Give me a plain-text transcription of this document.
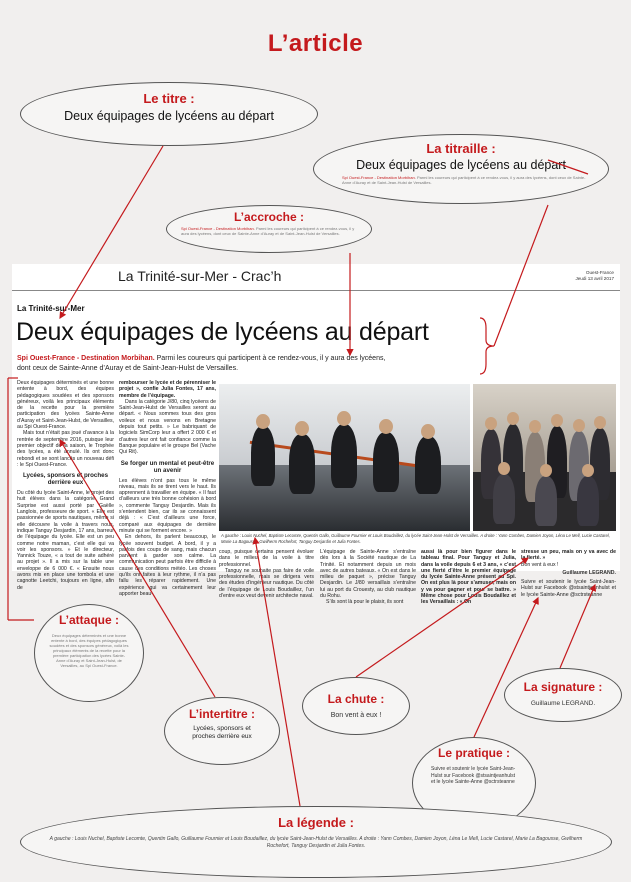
L’article
Le titre :
Deux équipages de lycéens au départ
La titraille :
Deux équipages de lycéens au départ
Spi Ouest-France - Destination Morbihan. Parmi les coureurs qui participent à ce rendez-vous, il y aura des lycéens, dont ceux de Sainte-Anne d’Auray et de Saint-Jean-Hulst de Versailles.
L’accroche :
Spi Ouest-France - Destination Morbihan. Parmi les coureurs qui participent à ce rendez-vous, il y aura des lycéens, dont ceux de Sainte-Anne d’Auray et de Saint-Jean-Hulst de Versailles.
La Trinité-sur-Mer - Crac’h	Ouest-France
Jeudi 13 avril 2017
La Trinité-sur-Mer
Deux équipages de lycéens au départ
Spi Ouest-France - Destination Morbihan. Parmi les coureurs qui participent à ce rendez-vous, il y aura des lycéens, dont ceux de Sainte-Anne d’Auray et de Saint-Jean-Hulst de Versailles.
Deux équipages déterminés et une bonne entente à bord, des équipes pédagogiques soudées et des sponsors généreux, voilà les principaux éléments de la recette pour la première participation des lycées Sainte-Anne d’Auray et Saint-Jean-Hulst, de Versailles, au Spi Ouest-France.
Mais tout n’était pas joué d’avance à la rentrée de septembre 2016, puisque leur premier objectif de la saison, le Trophée des lycées, a été annulé. Ils ont donc rebondi et se sont lancés un nouveau défi : le Spi Ouest-France.
Lycées, sponsors et proches derrière eux
Du côté du lycée Saint-Anne, le projet des huit élèves dans la catégorie Grand Surprise est aussi porté par Gaëlle Langlois, professeure de sport. « Elle est passionnée de sports nautiques, même si elle découvre la voile à travers nous, indique Tanguy Desjardin, 17 ans, barreur de l’équipage du lycée. Elle est un peu comme notre maman, c’est elle qui va voir les sponsors. » Et le directeur, Yannick Touze, « a tout de suite adhéré au projet ». Il a mis sur la table une enveloppe de 6 000 €. « Ensuite nous avons mis en place une tombola et une cagnotte Leetchi, toujours en ligne, afin de
rembourser le lycée et de pérenniser le projet », confie Julia Fontes, 17 ans, membre de l’équipage.
Dans la catégorie J/80, cinq lycéens de Saint-Jean-Hulst de Versailles seront au départ. « Nous sommes tous des gros voileux et nous venons en Bretagne depuis tout petits. » Le babriquant de logiciels SimCorp leur a offert 2 000 € et d’autres leur ont fait confiance comme la Banque populaire et le groupe Bel (Vache Qui Rit).
Se forger un mental et peut-être un avenir
Les élèves n’ont pas tous le même niveau, mais ils se tirent vers le haut. Ils apprennent à travailler en équipe. « Il faut d’ailleurs une très bonne cohésion à bord », commente Tanguy Desjardin. Mais ils s’entendent bien, car ils se connaissent déjà : « C’est d’ailleurs une force, comparé aux équipages de dernière minute qui se forment encore. »
En dehors, ils parlent beaucoup, le lycée souvent budget. A bord, il y a parfois des coups de sang, mais chacun parvient à garder son calme. La communication peut parfois être difficile à cause des conditions météo. Les choses qu’ils ont faites à leur rythme, il n’a pas fallu les réparer rapidement. Une expérience qui va certainement leur apporter beau-
A gauche : Louis Nuchel, Baptiste Lecomte, Quentin Gallo, Guillaume Fournier et Louis Boudaillez, du lycée Saint-Jean-Hulst de Versailles. A droite : Yann Combes, Damien Joyon, Léna Le Mell, Lucie Castarel, Marie La Bagousse, Gwilherm Rochefort, Tanguy Desjardin et Julia Fontes.
coup, puisque certains pensent évoluer dans le milieu de la voile à titre professionnel.
Tanguy ne souhaite pas faire de voile professionnelle, mais se dirigera vers des études d’ingénieur nautique. Du côté de l’équipage de Louis Boudaillez, l’un d’entre eux veut devenir architecte naval.
L’équipage de Sainte-Anne s’entraîne dès lors à la Société nautique de La Trinité. Et notamment depuis un mois avec de autres bateaux. « On est dans le milieu de paquet », précise Tanguy Desjardin. Le J/80 versaillais s’entraîne lui au port du Crouesty, au club nautique du Rohu.
S’ils sont là pour le plaisir, ils sont
aussi là pour bien figurer dans le tableau final. Pour Tanguy et Julia, dans la voile depuis 6 et 3 ans, « c’est une fierté d’être le premier équipage du lycée Sainte-Anne présent au Spi. On est plus là pour s’amuser, mais on y va pour gagner et pour se battre. » Même chose pour Louis Boudaillez et les Versaillais : « On
stresse un peu, mais on y va avec de la fierté. »
Bon vent à eux !
Guillaume LEGRAND.
Suivre et soutenir le lycée Saint-Jean-Hulst sur Facebook @stsaintjeanhulst et le lycée Sainte-Anne @sctrsteanne
L’attaque :
Deux équipages déterminés et une bonne entente à bord, des équipes pédagogiques soudées et des sponsors généreux, voilà les principaux éléments de la recette pour la première participation des lycées Sainte-Anne d’Auray et Saint-Jean-Hulst, de Versailles, au Spi Ouest-France.
La chute :
Bon vent à eux !
La signature :
Guillaume LEGRAND.
L’intertitre :
Lycées, sponsors et proches derrière eux
Le pratique :
Suivre et soutenir le lycée Saint-Jean-Hulst sur Facebook @stsaintjeanhulst et le lycée Sainte-Anne @sctrsteanne
La légende :
A gauche : Louis Nuchel, Baptiste Lecomte, Quentin Gallo, Guillaume Fournier et Louis Boudaillez, du lycée Saint-Jean-Hulst de Versailles. A droite : Yann Combes, Damien Joyon, Léna Le Mell, Lucie Castarel, Marie La Bagousse, Gwilherm Rochefort, Tanguy Desjardin et Julia Fontes.
